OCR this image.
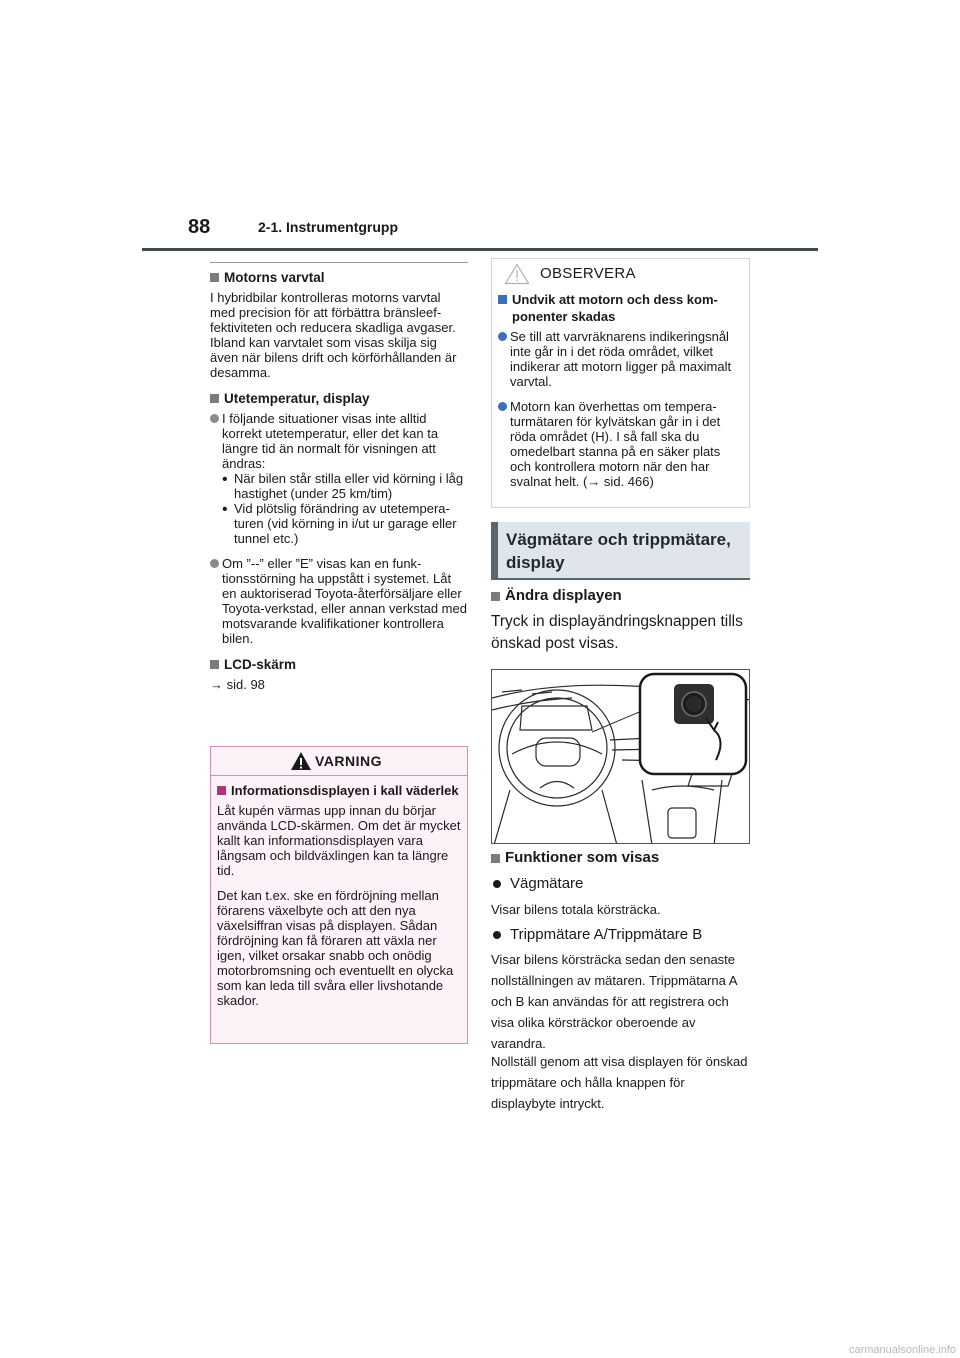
88	2-1. Instrumentgrupp
Motorns varvtal
I hybridbilar kontrolleras motorns varvtal med precision för att förbättra bränsleeffektiviteten och reducera skadliga avgaser.
Ibland kan varvtalet som visas skilja sig även när bilens drift och körförhållanden är desamma.
Utetemperatur, display
I följande situationer visas inte alltid korrekt utetemperatur, eller det kan ta längre tid än normalt för visningen att ändras:
• När bilen står stilla eller vid körning i låg hastighet (under 25 km/tim)
• Vid plötslig förändring av utetemperaturen (vid körning in i/ut ur garage eller tunnel etc.)
Om ”--” eller ”E” visas kan en funktionsstörning ha uppstått i systemet. Låt en auktoriserad Toyota-återförsäljare eller Toyota-verkstad, eller annan verkstad med motsvarande kvalifikationer kontrollera bilen.
LCD-skärm
→ sid. 98
VARNING
Informationsdisplayen i kall väderlek
Låt kupén värmas upp innan du börjar använda LCD-skärmen. Om det är mycket kallt kan informationsdisplayen vara långsam och bildväxlingen kan ta längre tid.
Det kan t.ex. ske en fördröjning mellan förarens växelbyte och att den nya växelsiffran visas på displayen. Sådan fördröjning kan få föraren att växla ner igen, vilket orsakar snabb och onödig motorbromsning och eventuellt en olycka som kan leda till svåra eller livshotande skador.
OBSERVERA
Undvik att motorn och dess komponenter skadas
Se till att varvräknarens indikeringsnål inte går in i det röda området, vilket indikerar att motorn ligger på maximalt varvtal.
Motorn kan överhettas om temperaturmätaren för kylvätskan går in i det röda området (H). I så fall ska du omedelbart stanna på en säker plats och kontrollera motorn när den har svalnat helt. (→ sid. 466)
Vägmätare och trippmätare, display
Ändra displayen
Tryck in displayändringsknappen tills önskad post visas.
Funktioner som visas
Vägmätare
Visar bilens totala körsträcka.
Trippmätare A/Trippmätare B
Visar bilens körsträcka sedan den senaste nollställningen av mätaren. Trippmätarna A och B kan användas för att registrera och visa olika körsträckor oberoende av varandra.
Nollställ genom att visa displayen för önskad trippmätare och hålla knappen för displaybyte intryckt.
carmanualsonline.info
